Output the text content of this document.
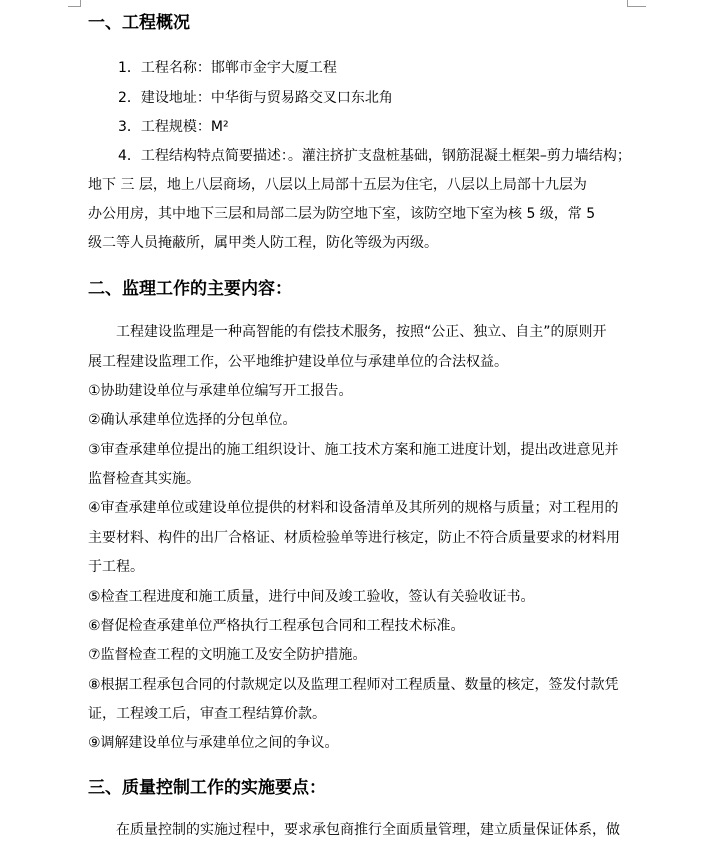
一、工程概况
1．工程名称：邯郸市金宇大厦工程
2．建设地址：中华街与贸易路交叉口东北角
3．工程规模：M²
4．工程结构特点简要描述：。灌注挤扩支盘桩基础，钢筋混凝土框架–剪力墙结构；
地下 三 层，地上八层商场，八层以上局部十五层为住宅，八层以上局部十九层为
办公用房，其中地下三层和局部二层为防空地下室，该防空地下室为核 5 级，常 5
级二等人员掩蔽所，属甲类人防工程，防化等级为丙级。
二、监理工作的主要内容：
工程建设监理是一种高智能的有偿技术服务，按照“公正、独立、自主”的原则开
展工程建设监理工作，公平地维护建设单位与承建单位的合法权益。
①协助建设单位与承建单位编写开工报告。
②确认承建单位选择的分包单位。
③审查承建单位提出的施工组织设计、施工技术方案和施工进度计划，提出改进意见并
监督检查其实施。
④审查承建单位或建设单位提供的材料和设备清单及其所列的规格与质量；对工程用的
主要材料、构件的出厂合格证、材质检验单等进行核定，防止不符合质量要求的材料用
于工程。
⑤检查工程进度和施工质量，进行中间及竣工验收，签认有关验收证书。
⑥督促检查承建单位严格执行工程承包合同和工程技术标准。
⑦监督检查工程的文明施工及安全防护措施。
⑧根据工程承包合同的付款规定以及监理工程师对工程质量、数量的核定，签发付款凭
证，工程竣工后，审查工程结算价款。
⑨调解建设单位与承建单位之间的争议。
三、质量控制工作的实施要点：
在质量控制的实施过程中，要求承包商推行全面质量管理，建立质量保证体系，做
